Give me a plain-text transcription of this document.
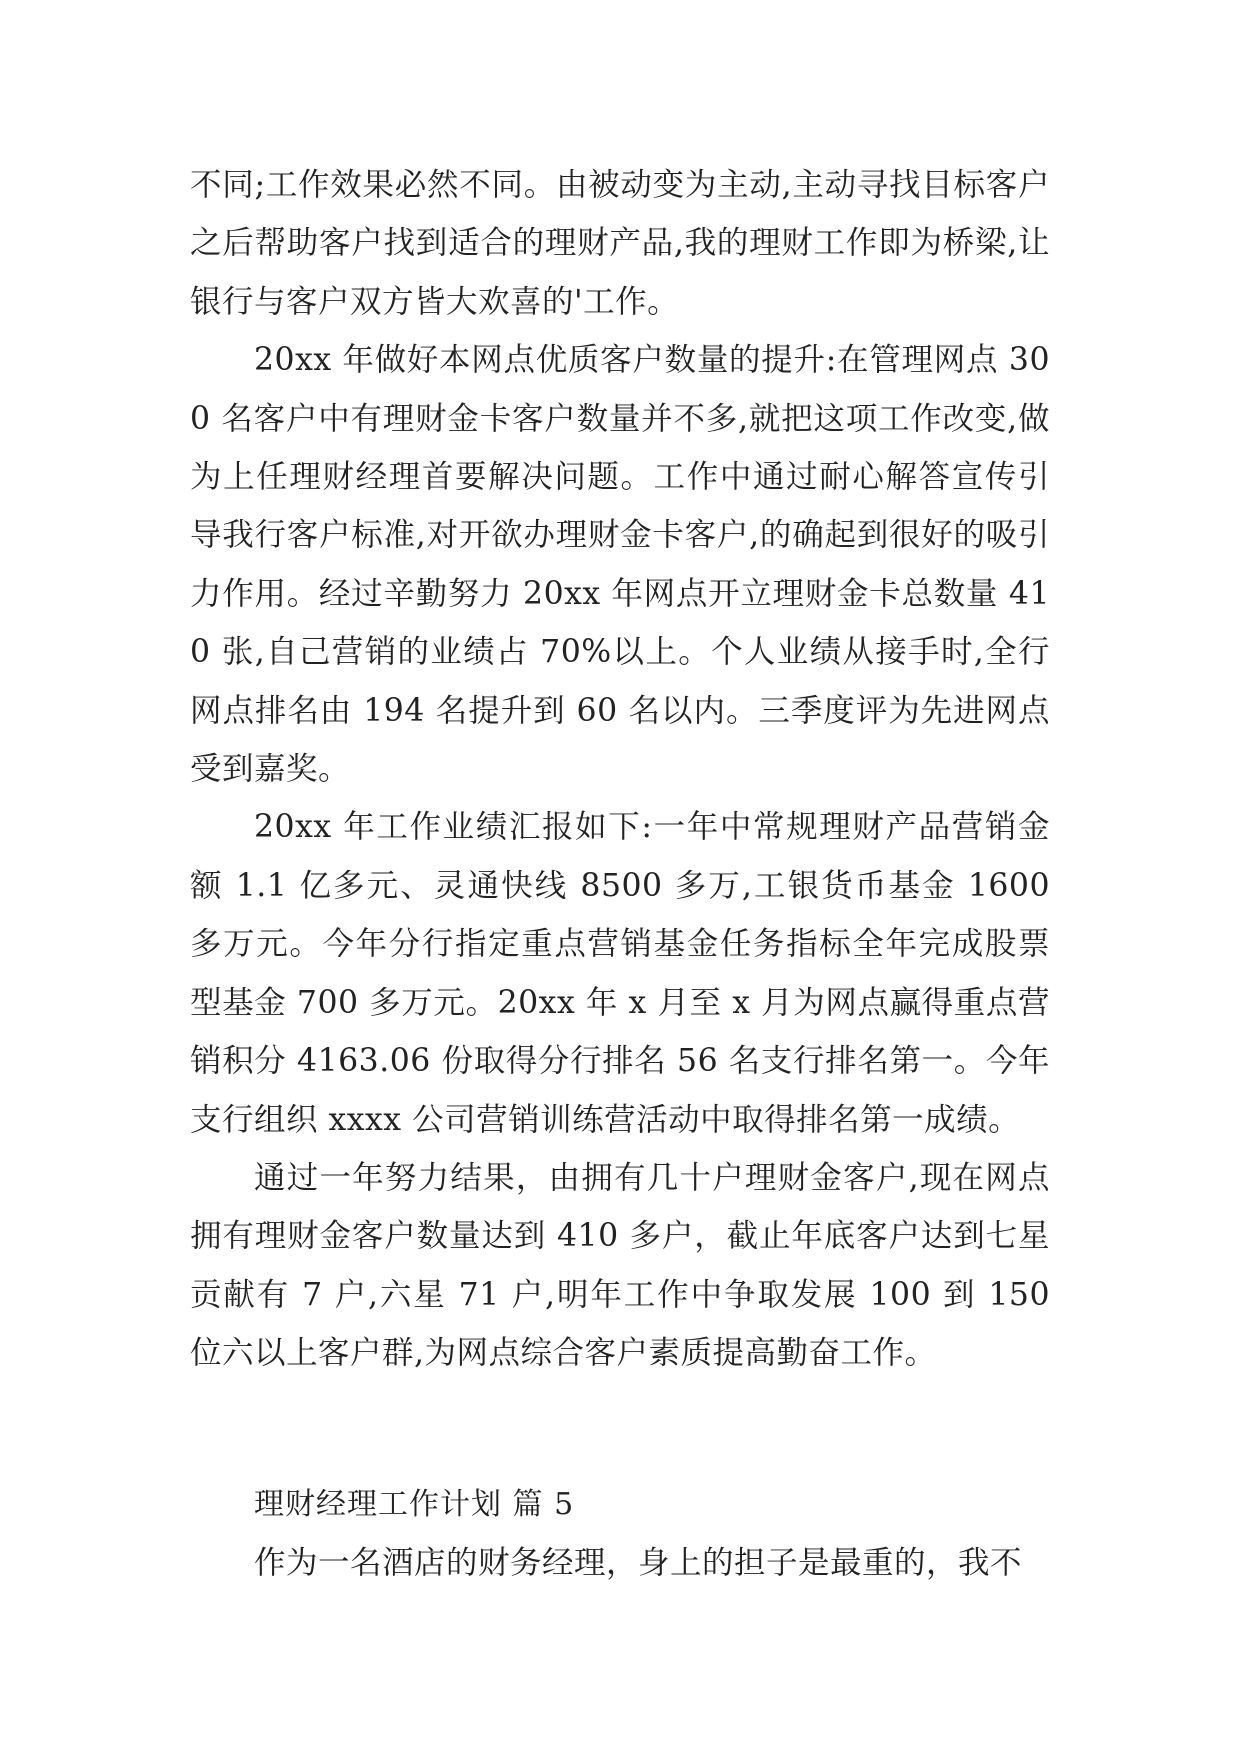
不同;工作效果必然不同。由被动变为主动,主动寻找目标客户之后帮助客户找到适合的理财产品,我的理财工作即为桥梁,让银行与客户双方皆大欢喜的'工作。

20xx 年做好本网点优质客户数量的提升:在管理网点 300 名客户中有理财金卡客户数量并不多,就把这项工作改变,做为上任理财经理首要解决问题。工作中通过耐心解答宣传引导我行客户标准,对开欲办理财金卡客户,的确起到很好的吸引力作用。经过辛勤努力 20xx 年网点开立理财金卡总数量 410 张,自己营销的业绩占 70%以上。个人业绩从接手时,全行网点排名由 194 名提升到 60 名以内。三季度评为先进网点受到嘉奖。

20xx 年工作业绩汇报如下:一年中常规理财产品营销金额 1.1 亿多元、灵通快线 8500 多万,工银货币基金 1600 多万元。今年分行指定重点营销基金任务指标全年完成股票型基金 700 多万元。20xx 年 x 月至 x 月为网点赢得重点营销积分 4163.06 份取得分行排名 56 名支行排名第一。今年支行组织 xxxx 公司营销训练营活动中取得排名第一成绩。

通过一年努力结果，由拥有几十户理财金客户,现在网点拥有理财金客户数量达到 410 多户，截止年底客户达到七星贡献有 7 户,六星 71 户,明年工作中争取发展 100 到 150 位六以上客户群,为网点综合客户素质提高勤奋工作。

理财经理工作计划 篇 5

作为一名酒店的财务经理，身上的担子是最重的，我不
